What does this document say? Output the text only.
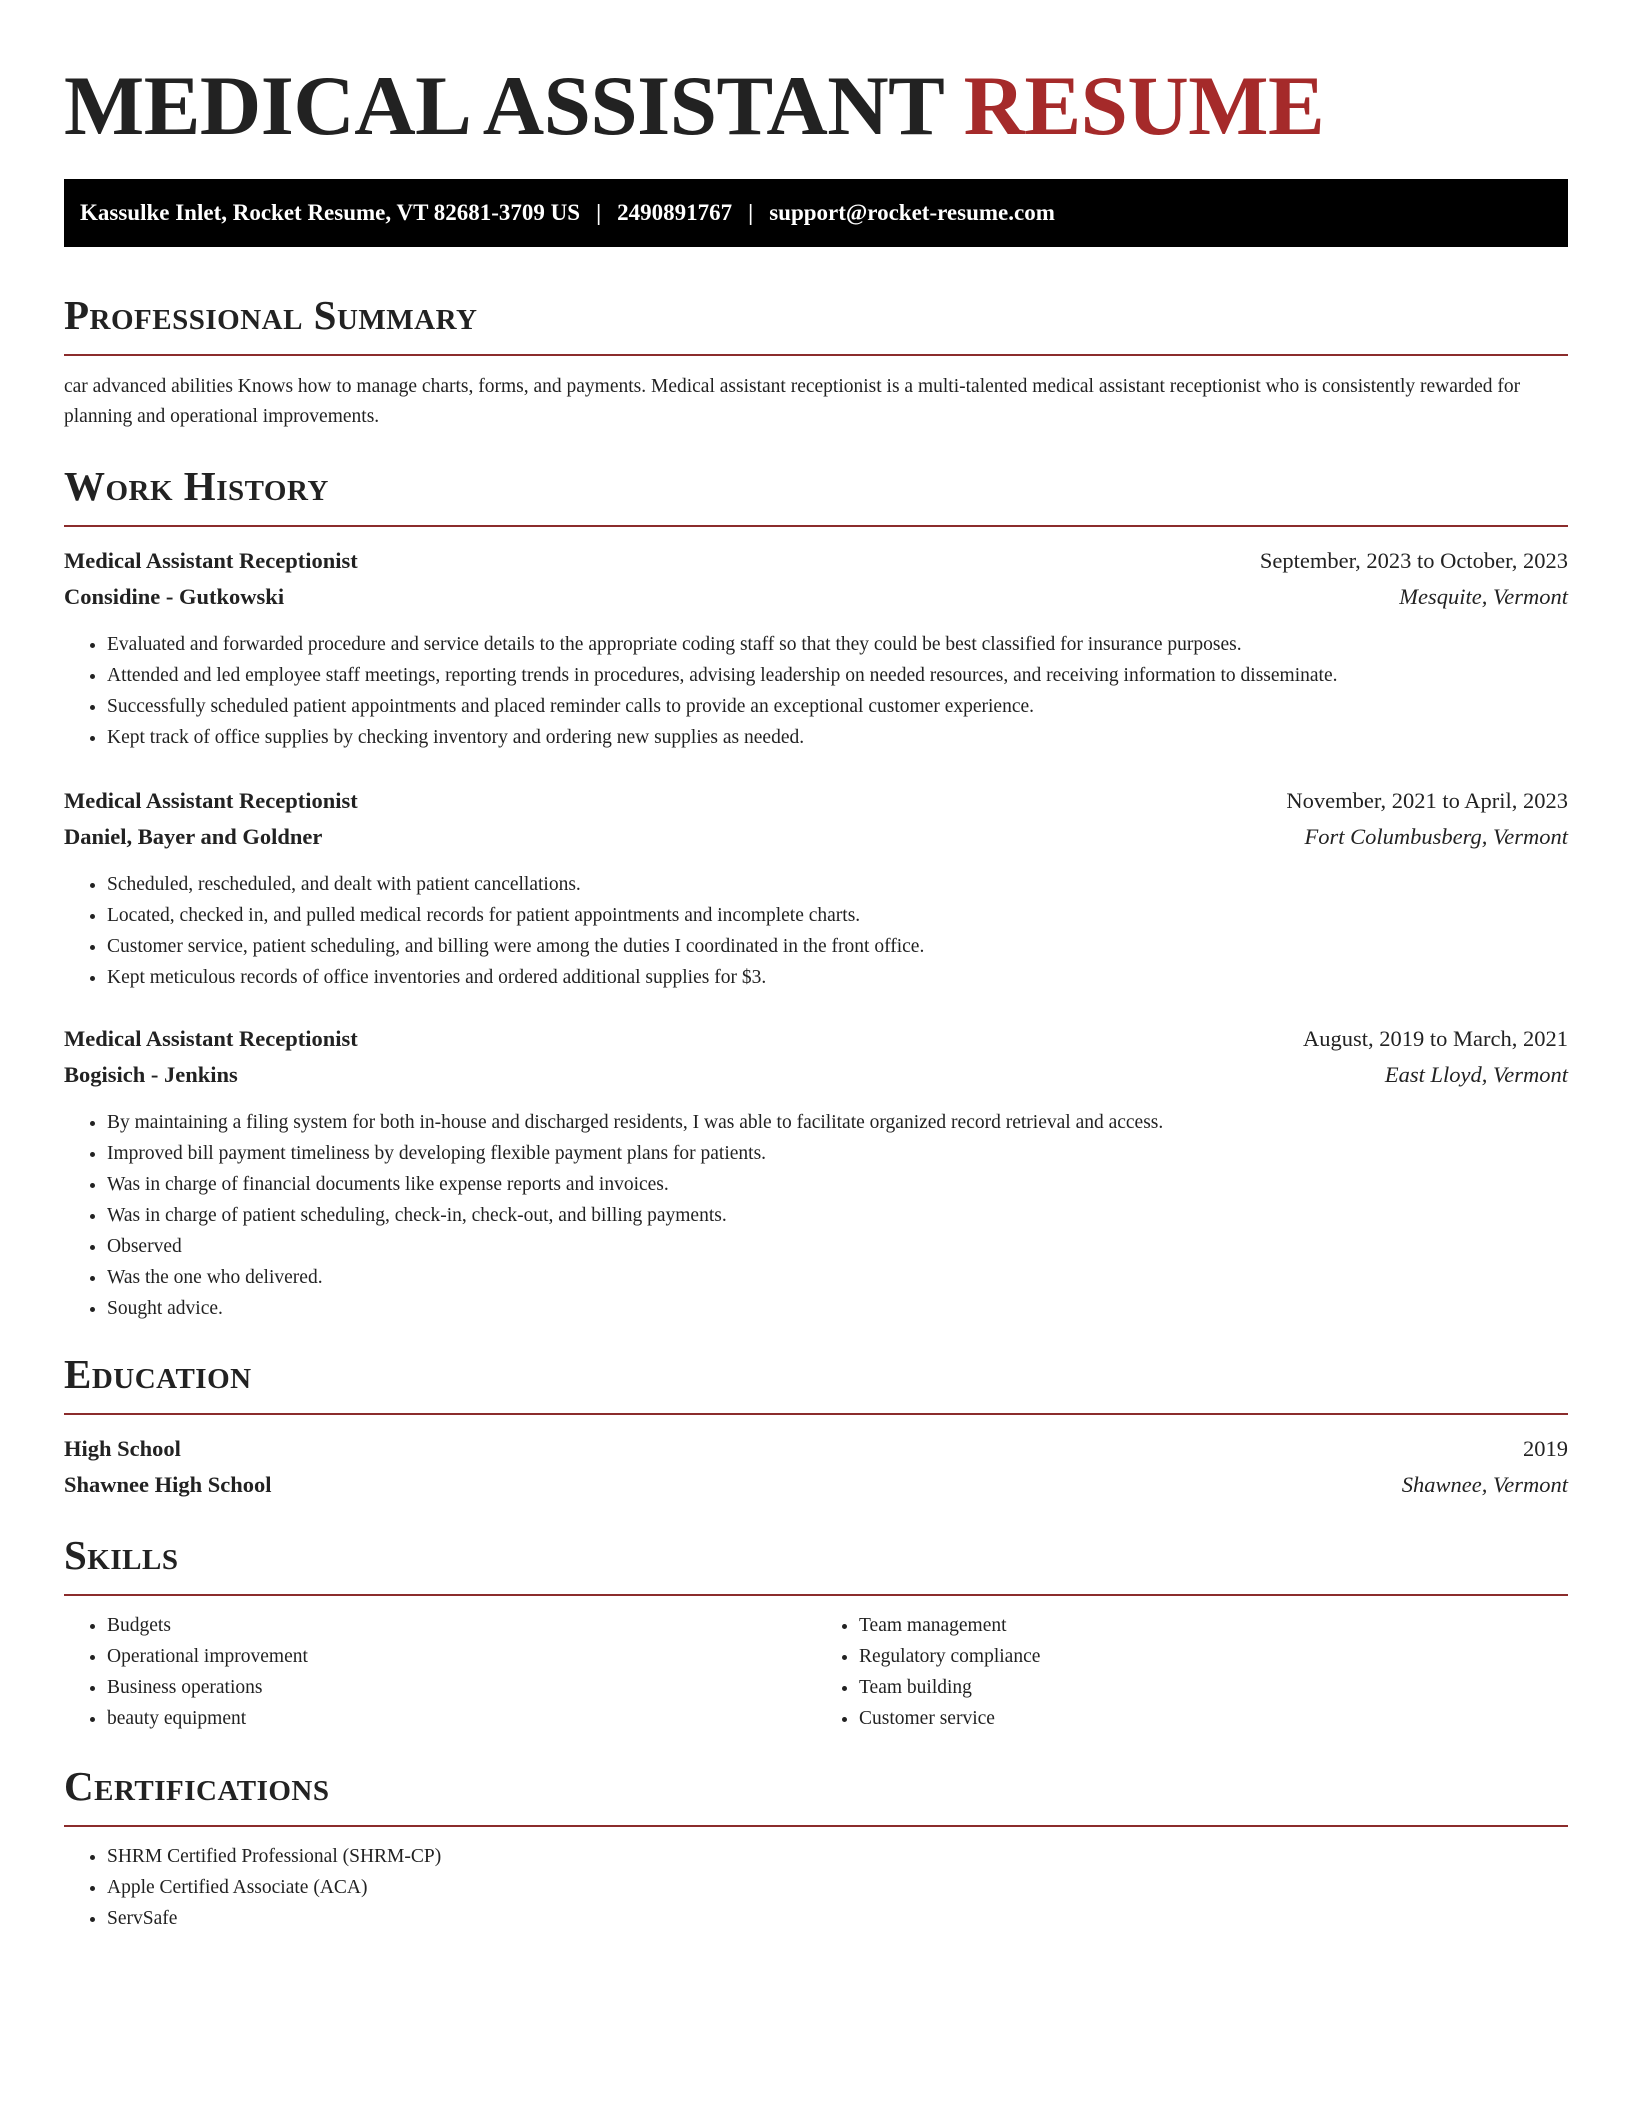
MEDICAL ASSISTANT RESUME
Kassulke Inlet, Rocket Resume, VT 82681-3709 US | 2490891767 | support@rocket-resume.com
Professional Summary

car advanced abilities Knows how to manage charts, forms, and payments. Medical assistant receptionist is a multi-talented medical assistant receptionist who is consistently rewarded for planning and operational improvements.

Work History
Medical Assistant Receptionist	September, 2023 to October, 2023
Considine - Gutkowski	Mesquite, Vermont
• Evaluated and forwarded procedure and service details to the appropriate coding staff so that they could be best classified for insurance purposes.
• Attended and led employee staff meetings, reporting trends in procedures, advising leadership on needed resources, and receiving information to disseminate.
• Successfully scheduled patient appointments and placed reminder calls to provide an exceptional customer experience.
• Kept track of office supplies by checking inventory and ordering new supplies as needed.
Medical Assistant Receptionist	November, 2021 to April, 2023
Daniel, Bayer and Goldner	Fort Columbusberg, Vermont
• Scheduled, rescheduled, and dealt with patient cancellations.
• Located, checked in, and pulled medical records for patient appointments and incomplete charts.
• Customer service, patient scheduling, and billing were among the duties I coordinated in the front office.
• Kept meticulous records of office inventories and ordered additional supplies for $3.
Medical Assistant Receptionist	August, 2019 to March, 2021
Bogisich - Jenkins	East Lloyd, Vermont
• By maintaining a filing system for both in-house and discharged residents, I was able to facilitate organized record retrieval and access.
• Improved bill payment timeliness by developing flexible payment plans for patients.
• Was in charge of financial documents like expense reports and invoices.
• Was in charge of patient scheduling, check-in, check-out, and billing payments.
• Observed
• Was the one who delivered.
• Sought advice.
Education
High School	2019
Shawnee High School	Shawnee, Vermont
Skills
• Budgets
• Operational improvement
• Business operations
• beauty equipment
• Team management
• Regulatory compliance
• Team building
• Customer service
Certifications
• SHRM Certified Professional (SHRM-CP)
• Apple Certified Associate (ACA)
• ServSafe
